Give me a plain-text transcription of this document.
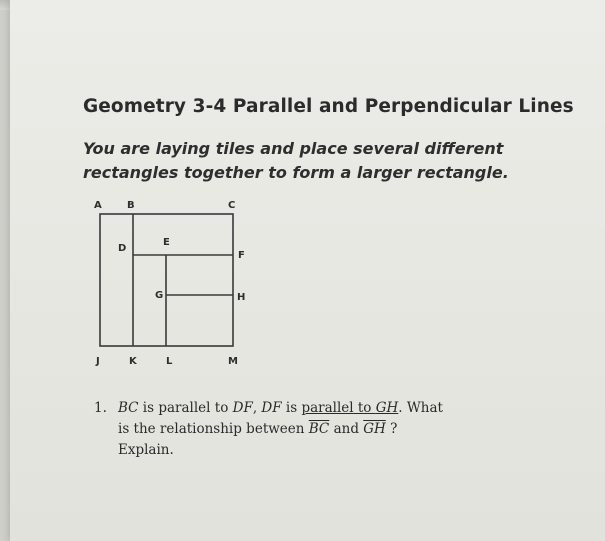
Geometry 3-4 Parallel and Perpendicular Lines
You are laying tiles and place several different
rectangles together to form a larger rectangle.
A	B	C
D
E
F
G	H
J	K	L	M
1. BC is parallel to DF, DF is parallel to GH. What
is the relationship between $\overline{BC}$ and $\overline{GH}$ ?
Explain.
